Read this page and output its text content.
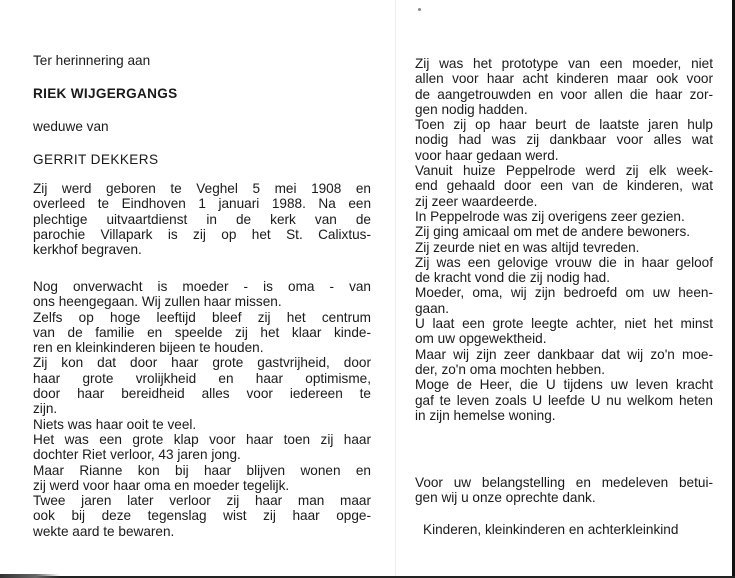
Ter herinnering aan
RIEK WIJGERGANGS
weduwe van
GERRIT DEKKERS
Zij werd geboren te Veghel 5 mei 1908 en
overleed te Eindhoven 1 januari 1988. Na een
plechtige uitvaartdienst in de kerk van de
parochie Villapark is zij op het St. Calixtus-
kerkhof begraven.
Nog onverwacht is moeder - is oma - van
ons heengegaan. Wij zullen haar missen.
Zelfs op hoge leeftijd bleef zij het centrum
van de familie en speelde zij het klaar kinde-
ren en kleinkinderen bijeen te houden.
Zij kon dat door haar grote gastvrijheid, door
haar grote vrolijkheid en haar optimisme,
door haar bereidheid alles voor iedereen te
zijn.
Niets was haar ooit te veel.
Het was een grote klap voor haar toen zij haar
dochter Riet verloor, 43 jaren jong.
Maar Rianne kon bij haar blijven wonen en
zij werd voor haar oma en moeder tegelijk.
Twee jaren later verloor zij haar man maar
ook bij deze tegenslag wist zij haar opge-
wekte aard te bewaren.
Zij was het prototype van een moeder, niet
allen voor haar acht kinderen maar ook voor
de aangetrouwden en voor allen die haar zor-
gen nodig hadden.
Toen zij op haar beurt de laatste jaren hulp
nodig had was zij dankbaar voor alles wat
voor haar gedaan werd.
Vanuit huize Peppelrode werd zij elk week-
end gehaald door een van de kinderen, wat
zij zeer waardeerde.
In Peppelrode was zij overigens zeer gezien.
Zij ging amicaal om met de andere bewoners.
Zij zeurde niet en was altijd tevreden.
Zij was een gelovige vrouw die in haar geloof
de kracht vond die zij nodig had.
Moeder, oma, wij zijn bedroefd om uw heen-
gaan.
U laat een grote leegte achter, niet het minst
om uw opgewektheid.
Maar wij zijn zeer dankbaar dat wij zo'n moe-
der, zo'n oma mochten hebben.
Moge de Heer, die U tijdens uw leven kracht
gaf te leven zoals U leefde U nu welkom heten
in zijn hemelse woning.
Voor uw belangstelling en medeleven betui-
gen wij u onze oprechte dank.
Kinderen, kleinkinderen en achterkleinkind
